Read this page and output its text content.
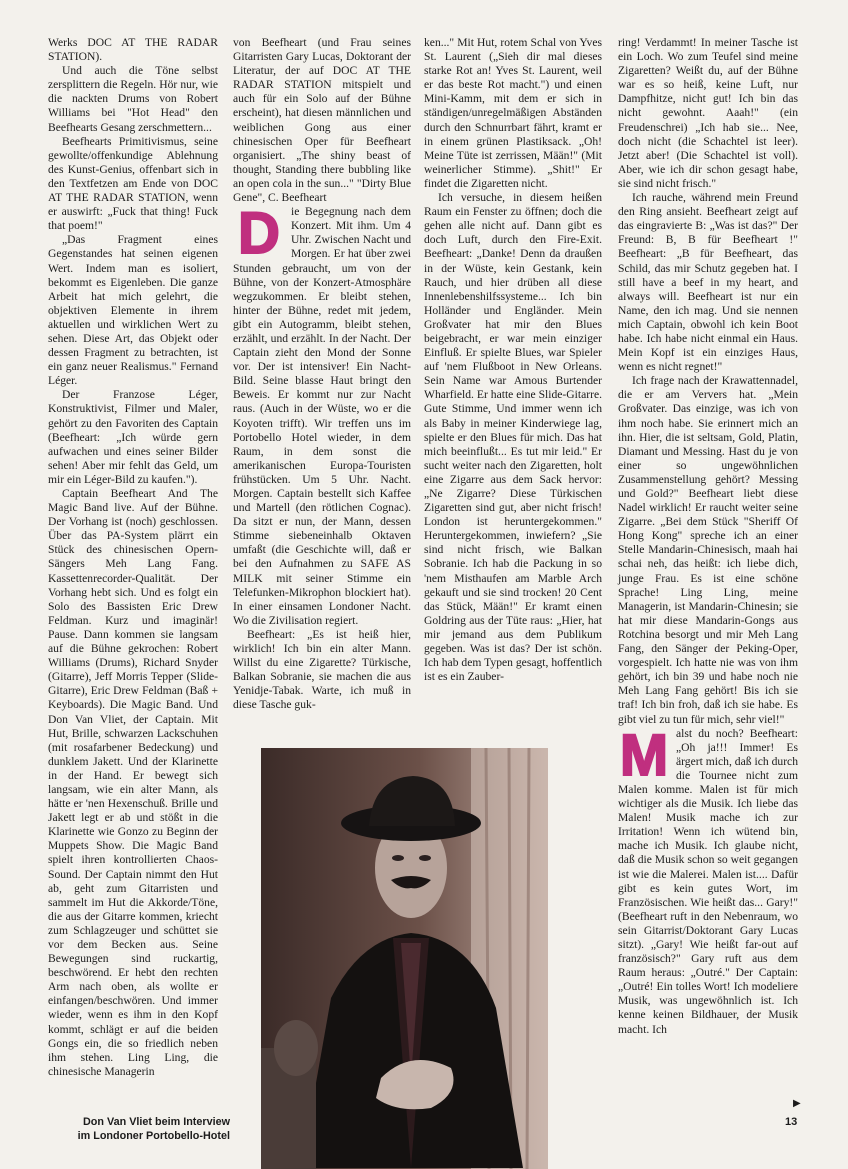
Werks DOC AT THE RADAR STATION).

Und auch die Töne selbst zersplittern die Regeln. Hör nur, wie die nackten Drums von Robert Williams bei "Hot Head" den Beefhearts Gesang zerschmettern...

Beefhearts Primitivismus, seine gewollte/offenkundige Ablehnung des Kunst-Genius, offenbart sich in den Textfetzen am Ende von DOC AT THE RADAR STATION, wenn er auswirft: „Fuck that thing! Fuck that poem!"

„Das Fragment eines Gegenstandes hat seinen eigenen Wert. Indem man es isoliert, bekommt es Eigenleben. Die ganze Arbeit hat mich gelehrt, die objektiven Elemente in ihrem aktuellen und wirklichen Wert zu sehen. Diese Art, das Objekt oder dessen Fragment zu betrachten, ist ein ganz neuer Realismus." Fernand Léger.

Der Franzose Léger, Konstruktivist, Filmer und Maler, gehört zu den Favoriten des Captain (Beefheart: „Ich würde gern aufwachen und eines seiner Bilder sehen! Aber mir fehlt das Geld, um mir ein Léger-Bild zu kaufen.").

Captain Beefheart And The Magic Band live. Auf der Bühne. Der Vorhang ist (noch) geschlossen. Über das PA-System plärrt ein Stück des chinesischen Opern-Sängers Meh Lang Fang. Kassettenrecorder-Qualität. Der Vorhang hebt sich. Und es folgt ein Solo des Bassisten Eric Drew Feldman. Kurz und imaginär! Pause. Dann kommen sie langsam auf die Bühne gekrochen: Robert Williams (Drums), Richard Snyder (Gitarre), Jeff Morris Tepper (Slide-Gitarre), Eric Drew Feldman (Baß + Keyboards). Die Magic Band. Und Don Van Vliet, der Captain. Mit Hut, Brille, schwarzen Lackschuhen (mit rosafarbener Bedeckung) und dunklem Jakett. Und der Klarinette in der Hand. Er bewegt sich langsam, wie ein alter Mann, als hätte er 'nen Hexenschuß. Brille und Jakett legt er ab und stößt in die Klarinette wie Gonzo zu Beginn der Muppets Show. Die Magic Band spielt ihren kontrollierten Chaos-Sound. Der Captain nimmt den Hut ab, geht zum Gitarristen und sammelt im Hut die Akkorde/Töne, die aus der Gitarre kommen, kriecht zum Schlagzeuger und schüttet sie vor dem Becken aus. Seine Bewegungen sind ruckartig, beschwörend. Er hebt den rechten Arm nach oben, als wollte er einfangen/beschwören. Und immer wieder, wenn es ihm in den Kopf kommt, schlägt er auf die beiden Gongs ein, die so friedlich neben ihm stehen. Ling Ling, die chinesische Managerin

von Beefheart (und Frau seines Gitarristen Gary Lucas, Doktorant der Literatur, der auf DOC AT THE RADAR STATION mitspielt und auch für ein Solo auf der Bühne erscheint), hat diesen männlichen und weiblichen Gong aus einer chinesischen Oper für Beefheart organisiert. „The shiny beast of thought, Standing there bubbling like an open cola in the sun..." "Dirty Blue Gene", C. Beefheart

D ie Begegnung nach dem Konzert. Mit ihm. Um 4 Uhr. Zwischen Nacht und Morgen. Er hat über zwei Stunden gebraucht, um von der Bühne, von der Konzert-Atmosphäre wegzukommen. Er bleibt stehen, hinter der Bühne, redet mit jedem, gibt ein Autogramm, bleibt stehen, erzählt, und erzählt. In der Nacht. Der Captain zieht den Mond der Sonne vor. Der ist intensiver! Ein Nacht-Bild. Seine blasse Haut bringt den Beweis. Er kommt nur zur Nacht raus. (Auch in der Wüste, wo er die Koyoten trifft). Wir treffen uns im Portobello Hotel wieder, in dem Raum, in dem sonst die amerikanischen Europa-Touristen frühstücken. Um 5 Uhr. Nacht. Morgen. Captain bestellt sich Kaffee und Martell (den rötlichen Cognac). Da sitzt er nun, der Mann, dessen Stimme siebeneinhalb Oktaven umfaßt (die Geschichte will, daß er bei den Aufnahmen zu SAFE AS MILK mit seiner Stimme ein Telefunken-Mikrophon blockiert hat). In einer einsamen Londoner Nacht. Wo die Zivilisation regiert.

Beefheart: „Es ist heiß hier, wirklich! Ich bin ein alter Mann. Willst du eine Zigarette? Türkische, Balkan Sobranie, sie machen die aus Yenidje-Tabak. Warte, ich muß in diese Tasche guk-

ken..." Mit Hut, rotem Schal von Yves St. Laurent („Sieh dir mal dieses starke Rot an! Yves St. Laurent, weil er das beste Rot macht.") und einen Mini-Kamm, mit dem er sich in ständigen/unregelmäßigen Abständen durch den Schnurrbart fährt, kramt er in einem grünen Plastiksack. „Oh! Meine Tüte ist zerrissen, Mään!" (Mit weinerlicher Stimme). „Shit!" Er findet die Zigaretten nicht.

Ich versuche, in diesem heißen Raum ein Fenster zu öffnen; doch die gehen alle nicht auf. Dann gibt es doch Luft, durch den Fire-Exit. Beefheart: „Danke! Denn da draußen in der Wüste, kein Gestank, kein Rauch, und hier drüben all diese Innenlebenshilfssysteme... Ich bin Holländer und Engländer. Mein Großvater hat mir den Blues beigebracht, er war mein einziger Einfluß. Er spielte Blues, war Spieler auf 'nem Flußboot in New Orleans. Sein Name war Amous Burtender Wharfield. Er hatte eine Slide-Gitarre. Gute Stimme, Und immer wenn ich als Baby in meiner Kinderwiege lag, spielte er den Blues für mich. Das hat mich beeinflußt... Es tut mir leid." Er sucht weiter nach den Zigaretten, holt eine Zigarre aus dem Sack hervor: „Ne Zigarre? Diese Türkischen Zigaretten sind gut, aber nicht frisch! London ist heruntergekommen." Heruntergekommen, inwiefern? „Sie sind nicht frisch, wie Balkan Sobranie. Ich hab die Packung in so 'nem Misthaufen am Marble Arch gekauft und sie sind trocken! 20 Cent das Stück, Mään!" Er kramt einen Goldring aus der Tüte raus: „Hier, hat mir jemand aus dem Publikum gegeben. Was ist das? Der ist schön. Ich hab dem Typen gesagt, hoffentlich ist es ein Zauber-

ring! Verdammt! In meiner Tasche ist ein Loch. Wo zum Teufel sind meine Zigaretten? Weißt du, auf der Bühne war es so heiß, keine Luft, nur Dampfhitze, nicht gut! Ich bin das nicht gewohnt. Aaah!" (ein Freudenschrei) „Ich hab sie... Nee, doch nicht (die Schachtel ist leer). Jetzt aber! (Die Schachtel ist voll). Aber, wie ich dir schon gesagt habe, sie sind nicht frisch."

Ich rauche, während mein Freund den Ring ansieht. Beefheart zeigt auf das eingravierte B: „Was ist das?" Der Freund: B, B für Beefheart !" Beefheart: „B für Beefheart, das Schild, das mir Schutz gegeben hat. I still have a beef in my heart, and always will. Beefheart ist nur ein Name, den ich mag. Und sie nennen mich Captain, obwohl ich kein Boot habe. Ich habe nicht einmal ein Haus. Mein Kopf ist ein einziges Haus, wenn es nicht regnet!"

Ich frage nach der Krawattennadel, die er am Ververs hat. „Mein Großvater. Das einzige, was ich von ihm noch habe. Sie erinnert mich an ihn. Hier, die ist seltsam, Gold, Platin, Diamant und Messing. Hast du je von einer so ungewöhnlichen Zusammenstellung gehört? Messing und Gold?" Beefheart liebt diese Nadel wirklich! Er raucht weiter seine Zigarre. „Bei dem Stück "Sheriff Of Hong Kong" spreche ich an einer Stelle Mandarin-Chinesisch, maah hai schai neh, das heißt: ich liebe dich, junge Frau. Es ist eine schöne Sprache! Ling Ling, meine Managerin, ist Mandarin-Chinesin; sie hat mir diese Mandarin-Gongs aus Rotchina besorgt und mir Meh Lang Fang, den Sänger der Peking-Oper, vorgespielt. Ich hatte nie was von ihm gehört, ich bin 39 und habe noch nie Meh Lang Fang gehört! Bis ich sie traf! Ich bin froh, daß ich sie habe. Es gibt viel zu tun für mich, sehr viel!"

M alst du noch? Beefheart: „Oh ja!!! Immer! Es ärgert mich, daß ich durch die Tournee nicht zum Malen komme. Malen ist für mich wichtiger als die Musik. Ich liebe das Malen! Musik mache ich zur Irritation! Wenn ich wütend bin, mache ich Musik. Ich glaube nicht, daß die Musik schon so weit gegangen ist wie die Malerei. Malen ist.... Dafür gibt es kein gutes Wort, im Französischen. Wie heißt das... Gary!" (Beefheart ruft in den Nebenraum, wo sein Gitarrist/Doktorant Gary Lucas sitzt). „Gary! Wie heißt far-out auf französisch?" Gary ruft aus dem Raum heraus: „Outré." Der Captain: „Outré! Ein tolles Wort! Ich modeliere Musik, was ungewöhnlich ist. Ich kenne keinen Bildhauer, der Musik macht. Ich

Don Van Vliet beim Interview
im Londoner Portobello-Hotel
13
▶
